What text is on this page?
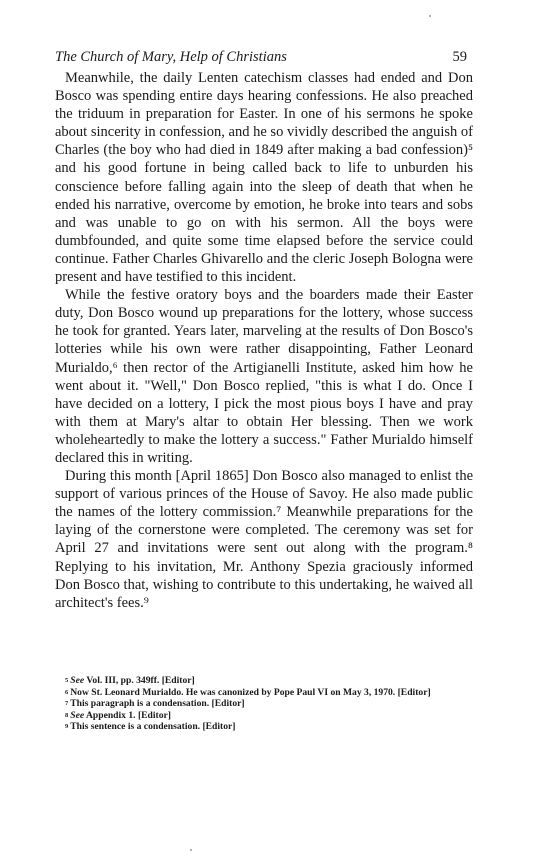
The Church of Mary, Help of Christians	59

Meanwhile, the daily Lenten catechism classes had ended and Don Bosco was spending entire days hearing confessions. He also preached the triduum in preparation for Easter. In one of his sermons he spoke about sincerity in confession, and he so vividly described the anguish of Charles (the boy who had died in 1849 after making a bad confession)⁵ and his good fortune in being called back to life to unburden his conscience before falling again into the sleep of death that when he ended his narrative, overcome by emotion, he broke into tears and sobs and was unable to go on with his sermon. All the boys were dumbfounded, and quite some time elapsed before the service could continue. Father Charles Ghivarello and the cleric Joseph Bologna were present and have testified to this incident.

While the festive oratory boys and the boarders made their Easter duty, Don Bosco wound up preparations for the lottery, whose success he took for granted. Years later, marveling at the results of Don Bosco's lotteries while his own were rather disappointing, Father Leonard Murialdo,⁶ then rector of the Artigianelli Institute, asked him how he went about it. "Well," Don Bosco replied, "this is what I do. Once I have decided on a lottery, I pick the most pious boys I have and pray with them at Mary's altar to obtain Her blessing. Then we work wholeheartedly to make the lottery a success." Father Murialdo himself declared this in writing.

During this month [April 1865] Don Bosco also managed to enlist the support of various princes of the House of Savoy. He also made public the names of the lottery commission.⁷ Meanwhile preparations for the laying of the cornerstone were completed. The ceremony was set for April 27 and invitations were sent out along with the program.⁸ Replying to his invitation, Mr. Anthony Spezia graciously informed Don Bosco that, wishing to contribute to this undertaking, he waived all architect's fees.⁹

$^5$ See Vol. III, pp. 349ff. [Editor]
$^6$ Now St. Leonard Murialdo. He was canonized by Pope Paul VI on May 3, 1970. [Editor]
$^7$ This paragraph is a condensation. [Editor]
$^8$ See Appendix 1. [Editor]
$^9$ This sentence is a condensation. [Editor]
